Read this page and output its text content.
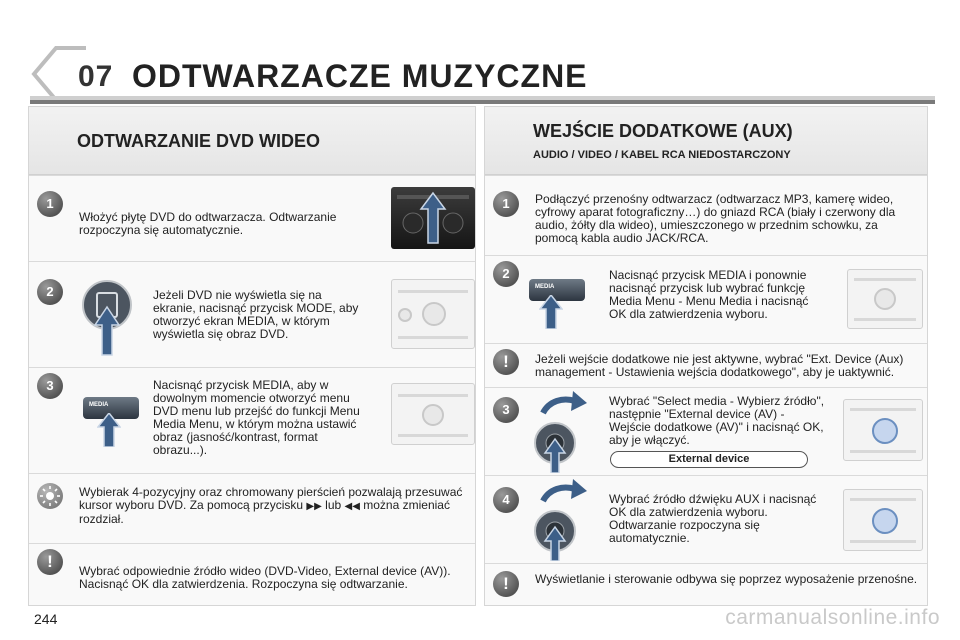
07 ODTWARZACZE MUZYCZNE
ODTWARZANIE DVD WIDEO
1
Włożyć płytę DVD do odtwarzacza. Odtwarzanie rozpoczyna się automatycznie.
2	Jeżeli DVD nie wyświetla się na ekranie, nacisnąć przycisk MODE, aby otworzyć ekran MEDIA, w którym wyświetla się obraz DVD.
3
MEDIA
Nacisnąć przycisk MEDIA, aby w dowolnym momencie otworzyć menu DVD menu lub przejść do funkcji Menu Media Menu, w którym można ustawić obraz (jasność/kontrast, format obrazu...).
Wybierak 4-pozycyjny oraz chromowany pierścień pozwalają przesuwać kursor wyboru DVD. Za pomocą przycisku ▶▶ lub ◀◀ można zmieniać rozdział.
!	Wybrać odpowiednie źródło wideo (DVD-Video, External device (AV)). Nacisnąć OK dla zatwierdzenia. Rozpoczyna się odtwarzanie.
WEJŚCIE DODATKOWE (AUX)
AUDIO / VIDEO / KABEL RCA NIEDOSTARCZONY
1	Podłączyć przenośny odtwarzacz (odtwarzacz MP3, kamerę wideo, cyfrowy aparat fotograficzny…) do gniazd RCA (biały i czerwony dla audio, żółty dla wideo), umieszczonego w przednim schowku, za pomocą kabla audio JACK/RCA.
2
MEDIA
Nacisnąć przycisk MEDIA i ponownie nacisnąć przycisk lub wybrać funkcję Media Menu - Menu Media i nacisnąć OK dla zatwierdzenia wyboru.
!	Jeżeli wejście dodatkowe nie jest aktywne, wybrać "Ext. Device (Aux) management - Ustawienia wejścia dodatkowego", aby je uaktywnić.
3
Wybrać "Select media - Wybierz źródło", następnie "External device (AV) - Wejście dodatkowe (AV)" i nacisnąć OK, aby je włączyć.
4	Wybrać źródło dźwięku AUX i nacisnąć OK dla zatwierdzenia wyboru. Odtwarzanie rozpoczyna się automatycznie.
!	Wyświetlanie i sterowanie odbywa się poprzez wyposażenie przenośne.
External device
244	carmanualsonline.info
